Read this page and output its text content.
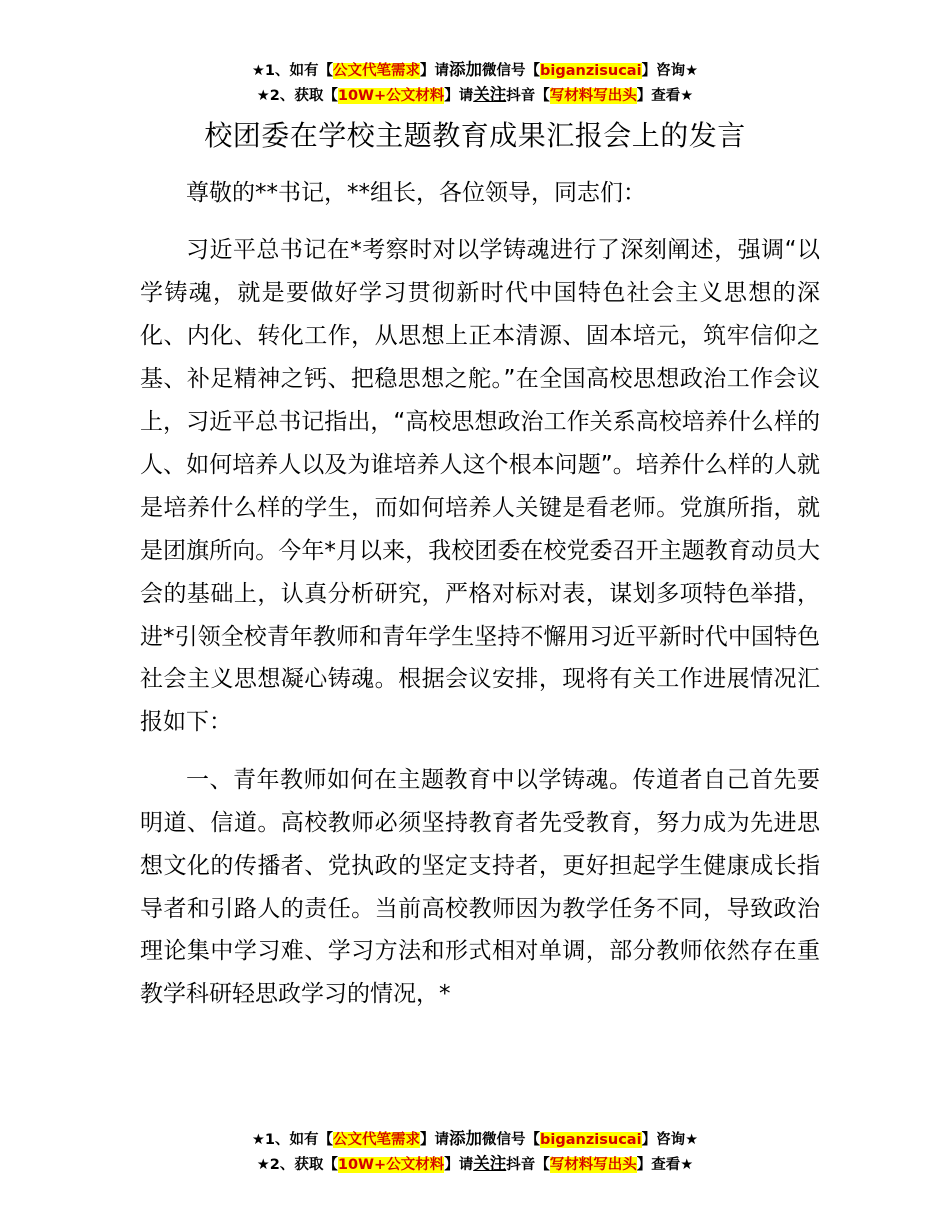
★1、如有【公文代笔需求】请添加微信号【biganzisucai】咨询★
★2、获取【10W+公文材料】请关注抖音【写材料写出头】查看★
校团委在学校主题教育成果汇报会上的发言

尊敬的**书记，**组长，各位领导，同志们：

习近平总书记在*考察时对以学铸魂进行了深刻阐述，强调“以学铸魂，就是要做好学习贯彻新时代中国特色社会主义思想的深化、内化、转化工作，从思想上正本清源、固本培元，筑牢信仰之基、补足精神之钙、把稳思想之舵。”在全国高校思想政治工作会议上，习近平总书记指出，“高校思想政治工作关系高校培养什么样的人、如何培养人以及为谁培养人这个根本问题”。培养什么样的人就是培养什么样的学生，而如何培养人关键是看老师。党旗所指，就是团旗所向。今年*月以来，我校团委在校党委召开主题教育动员大会的基础上，认真分析研究，严格对标对表，谋划多项特色举措，进*引领全校青年教师和青年学生坚持不懈用习近平新时代中国特色社会主义思想凝心铸魂。根据会议安排，现将有关工作进展情况汇报如下：

一、青年教师如何在主题教育中以学铸魂。传道者自己首先要明道、信道。高校教师必须坚持教育者先受教育，努力成为先进思想文化的传播者、党执政的坚定支持者，更好担起学生健康成长指导者和引路人的责任。当前高校教师因为教学任务不同，导致政治理论集中学习难、学习方法和形式相对单调，部分教师依然存在重教学科研轻思政学习的情况，*

★1、如有【公文代笔需求】请添加微信号【biganzisucai】咨询★
★2、获取【10W+公文材料】请关注抖音【写材料写出头】查看★
